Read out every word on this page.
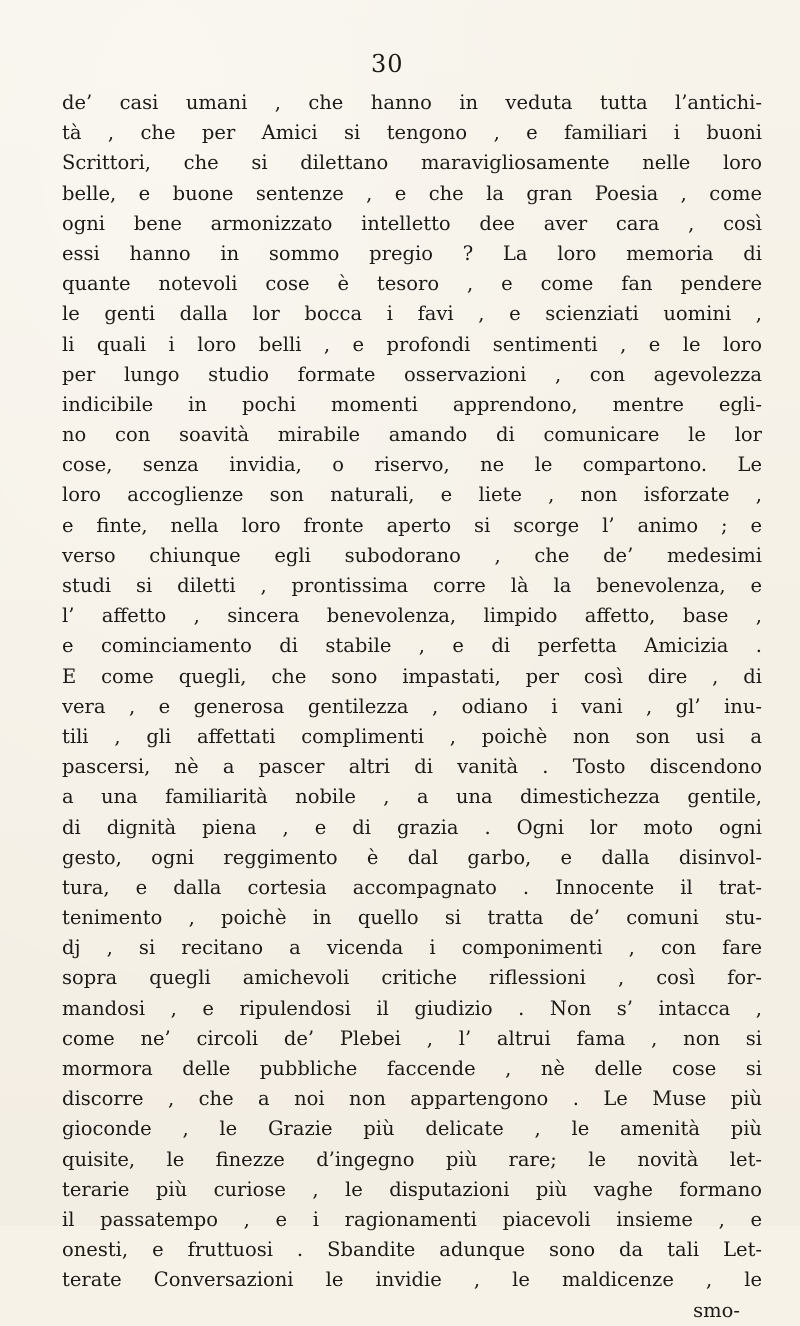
30
de’ casi umani , che hanno in veduta tutta l’antichi-
tà , che per Amici si tengono , e familiari i buoni
Scrittori, che si dilettano maravigliosamente nelle loro
belle, e buone sentenze , e che la gran Poesia , come
ogni bene armonizzato intelletto dee aver cara , così
essi hanno in sommo pregio ? La loro memoria di
quante notevoli cose è tesoro , e come fan pendere
le genti dalla lor bocca i favi , e scienziati uomini ,
li quali i loro belli , e profondi sentimenti , e le loro
per lungo studio formate osservazioni , con agevolezza
indicibile in pochi momenti apprendono, mentre egli-
no con soavità mirabile amando di comunicare le lor
cose, senza invidia, o riservo, ne le compartono. Le
loro accoglienze son naturali, e liete , non isforzate ,
e finte, nella loro fronte aperto si scorge l’ animo ; e
verso chiunque egli subodorano , che de’ medesimi
studi si diletti , prontissima corre là la benevolenza, e
l’ affetto , sincera benevolenza, limpido affetto, base ,
e cominciamento di stabile , e di perfetta Amicizia .
E come quegli, che sono impastati, per così dire , di
vera , e generosa gentilezza , odiano i vani , gl’ inu-
tili , gli affettati complimenti , poichè non son usi a
pascersi, nè a pascer altri di vanità . Tosto discendono
a una familiarità nobile , a una dimestichezza gentile,
di dignità piena , e di grazia . Ogni lor moto ogni
gesto, ogni reggimento è dal garbo, e dalla disinvol-
tura, e dalla cortesia accompagnato . Innocente il trat-
tenimento , poichè in quello si tratta de’ comuni stu-
dj , si recitano a vicenda i componimenti , con fare
sopra quegli amichevoli critiche riflessioni , così for-
mandosi , e ripulendosi il giudizio . Non s’ intacca ,
come ne’ circoli de’ Plebei , l’ altrui fama , non si
mormora delle pubbliche faccende , nè delle cose si
discorre , che a noi non appartengono . Le Muse più
gioconde , le Grazie più delicate , le amenità più
quisite, le finezze d’ingegno più rare; le novità let-
terarie più curiose , le disputazioni più vaghe formano
il passatempo , e i ragionamenti piacevoli insieme , e
onesti, e fruttuosi . Sbandite adunque sono da tali Let-
terate Conversazioni le invidie , le maldicenze , le
smo-
